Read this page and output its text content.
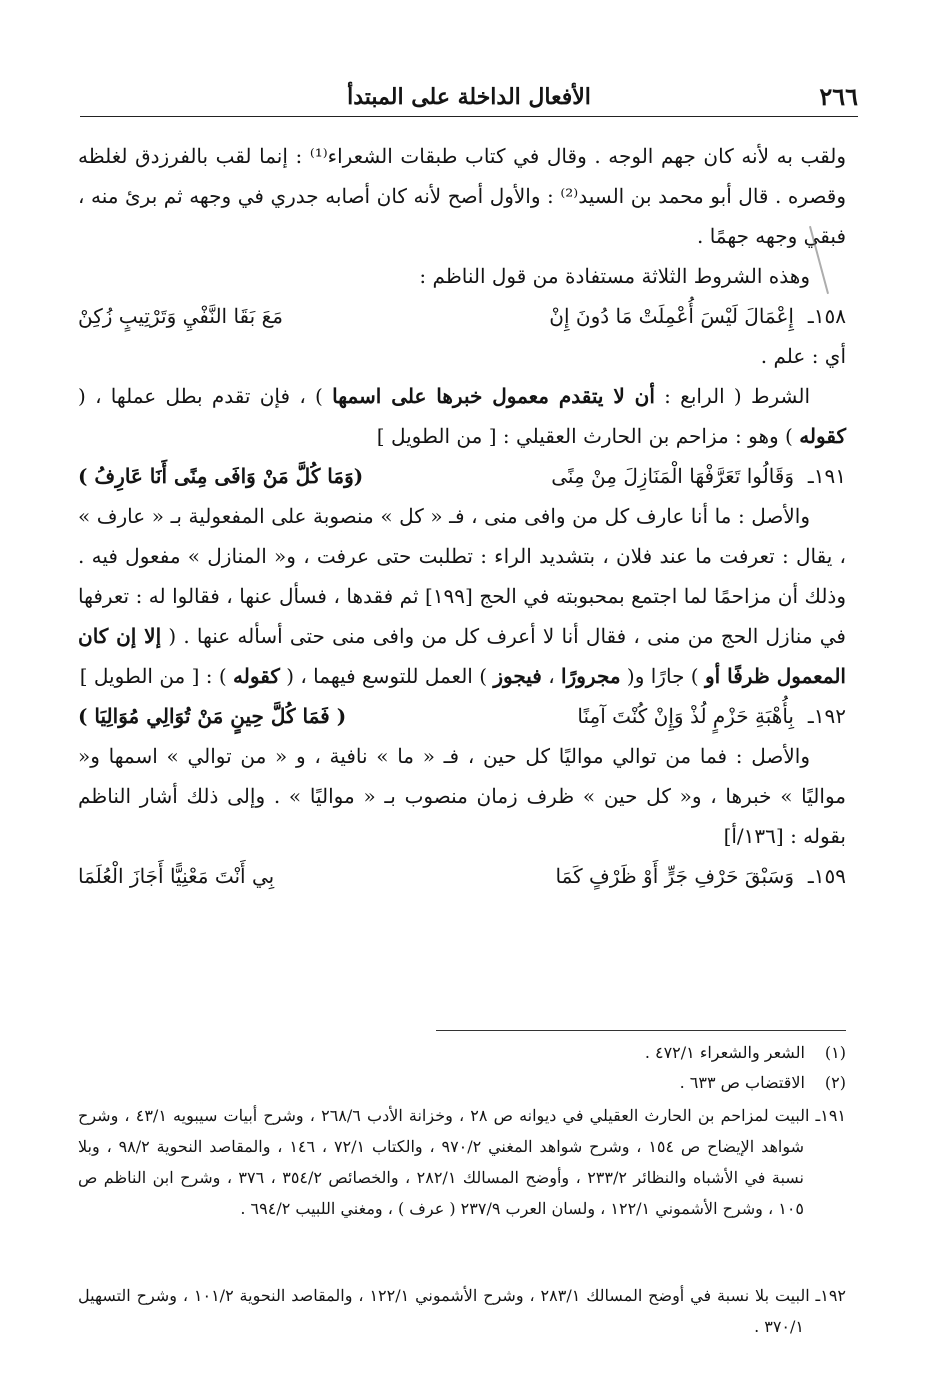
٢٦٦
الأفعال الداخلة على المبتدأ

ولقب به لأنه كان جهم الوجه . وقال في كتاب طبقات الشعراء⁽¹⁾ : إنما لقب بالفرزدق لغلظه وقصره . قال أبو محمد بن السيد⁽²⁾ : والأول أصح لأنه كان أصابه جدري في وجهه ثم برئ منه ، فبقي وجهه جهمًا .

وهذه الشروط الثلاثة مستفادة من قول الناظم :

١٥٨ـ
إِعْمَالَ لَيْسَ أُعْمِلَتْ مَا دُونَ إِنْ
مَعَ بَقَا النَّفْيِ وَتَرْتِيبٍ زُكِنْ

أي : علم .

الشرط ( الرابع : أن لا يتقدم معمول خبرها على اسمها ) ، فإن تقدم بطل عملها ، ( كقوله ) وهو : مزاحم بن الحارث العقيلي : [ من الطويل ]

١٩١ـ
وَقَالُوا تَعَرَّفْهَا الْمَنَازِلَ مِنْ مِنًى
(وَمَا كُلَّ مَنْ وَافَى مِنًى أَنَا عَارِفُ )

والأصل : ما أنا عارف كل من وافى منى ، فـ « كل » منصوبة على المفعولية بـ « عارف » ، يقال : تعرفت ما عند فلان ، بتشديد الراء : تطلبت حتى عرفت ، و« المنازل » مفعول فيه . وذلك أن مزاحمًا لما اجتمع بمحبوبته في الحج [١٩٩] ثم فقدها ، فسأل عنها ، فقالوا له : تعرفها في منازل الحج من منى ، فقال أنا لا أعرف كل من وافى منى حتى أسأله عنها . ( إلا إن كان المعمول ظرفًا أو ) جارًا و( مجرورًا ، فيجوز ) العمل للتوسع فيهما ، ( كقوله ) : [ من الطويل ]

١٩٢ـ
بِأُهْبَةِ حَزْمٍ لُذْ وَإِنْ كُنْتَ آمِنًا
( فَمَا كُلَّ حِينٍ مَنْ تُوَالِي مُوَالِيَا )

والأصل : فما من توالي مواليًا كل حين ، فـ « ما » نافية ، و « من توالي » اسمها و« مواليًا » خبرها ، و« كل حين » ظرف زمان منصوب بـ « مواليًا » . وإلى ذلك أشار الناظم بقوله : [١٣٦/أ]

١٥٩ـ
وَسَبْقَ حَرْفِ جَرٍّ أَوْ ظَرْفٍ كَمَا
بِي أَنْتَ مَعْنِيًّا أَجَازَ الْعُلَمَا
(١) الشعر والشعراء ٤٧٢/١ .
(٢) الاقتضاب ص ٦٣٣ .
١٩١ـ البيت لمزاحم بن الحارث العقيلي في ديوانه ص ٢٨ ، وخزانة الأدب ٢٦٨/٦ ، وشرح أبيات سيبويه ٤٣/١ ، وشرح شواهد الإيضاح ص ١٥٤ ، وشرح شواهد المغني ٩٧٠/٢ ، والكتاب ٧٢/١ ، ١٤٦ ، والمقاصد النحوية ٩٨/٢ ، وبلا نسبة في الأشباه والنظائر ٢٣٣/٢ ، وأوضح المسالك ٢٨٢/١ ، والخصائص ٣٥٤/٢ ، ٣٧٦ ، وشرح ابن الناظم ص ١٠٥ ، وشرح الأشموني ١٢٢/١ ، ولسان العرب ٢٣٧/٩ ( عرف ) ، ومغني اللبيب ٦٩٤/٢ .
١٩٢ـ البيت بلا نسبة في أوضح المسالك ٢٨٣/١ ، وشرح الأشموني ١٢٢/١ ، والمقاصد النحوية ١٠١/٢ ، وشرح التسهيل ٣٧٠/١ .
